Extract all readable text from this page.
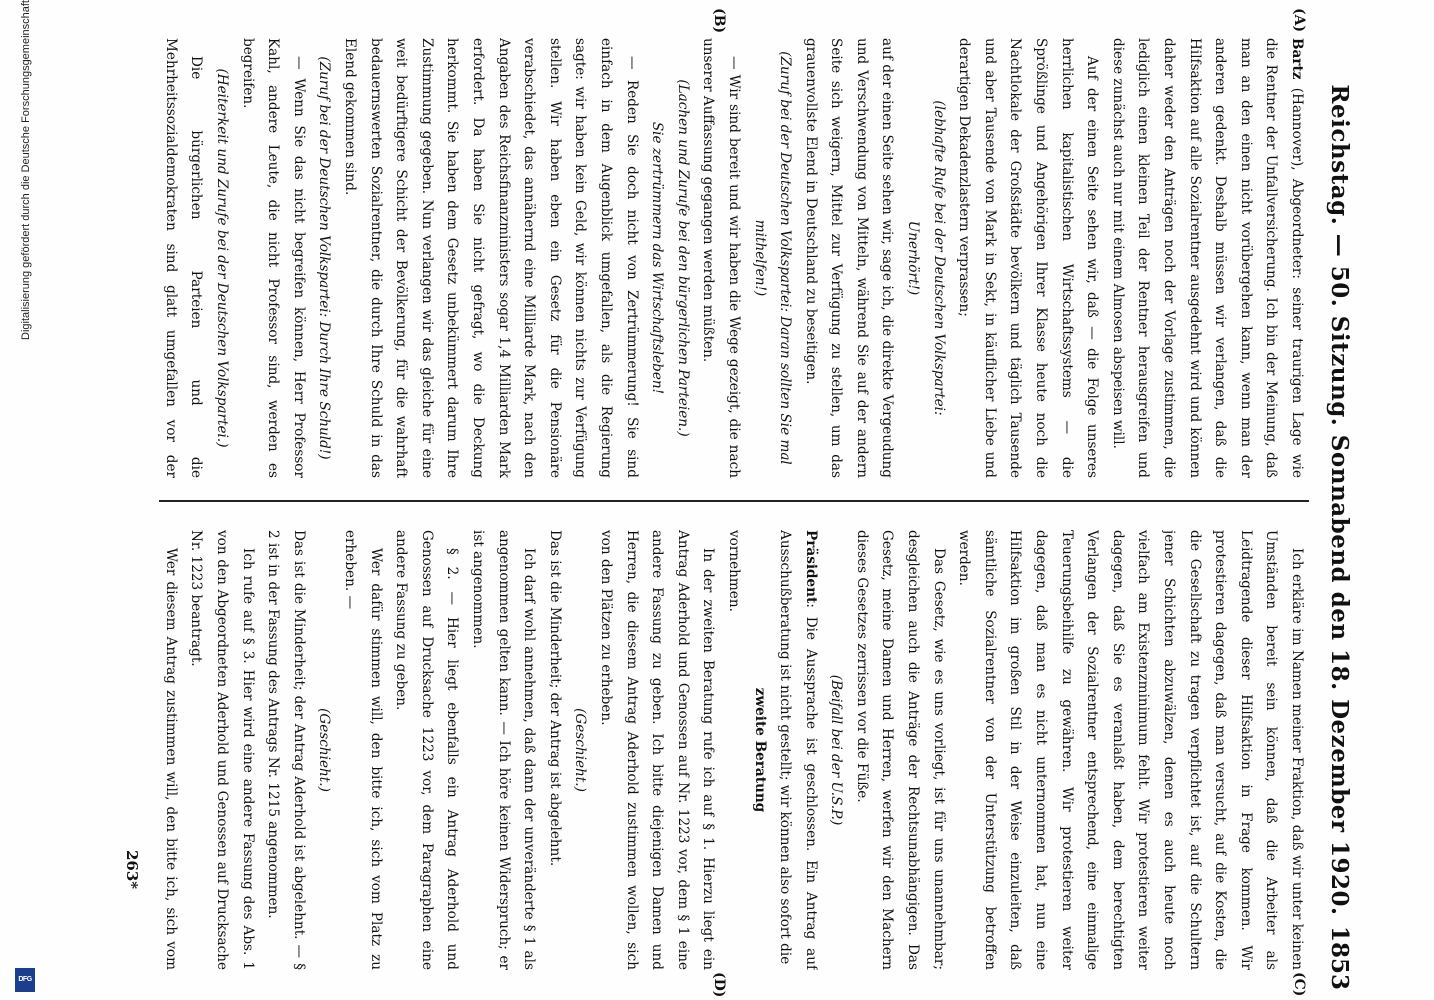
Reichstag. — 50. Sitzung. Sonnabend den 18. Dezember 1920.
1853
(A)
(B)
(C)
(D)

Bartz (Hannover), Abgeordneter: seiner traurigen Lage wie die Rentner der Unfallversicherung. Ich bin der Meinung, daß man an den einen nicht vorübergehen kann, wenn man der anderen gedenkt. Deshalb müssen wir verlangen, daß die Hilfsaktion auf alle Sozialrentner ausgedehnt wird und können daher weder den Anträgen noch der Vorlage zustimmen, die lediglich einen kleinen Teil der Rentner herausgreifen und diese zunächst auch nur mit einem Almosen abspeisen will.

Auf der einen Seite sehen wir, daß — die Folge unseres herrlichen kapitalistischen Wirtschaftssystems — die Sprößlinge und Angehörigen Ihrer Klasse heute noch die Nachtlokale der Großstädte bevölkern und täglich Tausende und aber Tausende von Mark in Sekt, in käuflicher Liebe und derartigen Dekadenzlastern verprassen;

(lebhafte Rufe bei der Deutschen Volkspartei:

Unerhört!)

auf der einen Seite sehen wir, sage ich, die direkte Vergeudung und Verschwendung von Mitteln, während Sie auf der andern Seite sich weigern, Mittel zur Verfügung zu stellen, um das grauenvollste Elend in Deutschland zu beseitigen.

(Zuruf bei der Deutschen Volkspartei: Daran sollten Sie mal mithelfen!)

— Wir sind bereit und wir haben die Wege gezeigt, die nach unserer Auffassung gegangen werden müßten.

(Lachen und Zurufe bei den bürgerlichen Parteien.)

Sie zertrümmern das Wirtschaftsleben!

— Reden Sie doch nicht von Zertrümmerung! Sie sind einfach in dem Augenblick umgefallen, als die Regierung sagte: wir haben kein Geld, wir können nichts zur Verfügung stellen. Wir haben eben ein Gesetz für die Pensionäre verabschiedet, das annähernd eine Milliarde Mark, nach den Angaben des Reichsfinanzministers sogar 1,4 Milliarden Mark erfordert. Da haben Sie nicht gefragt, wo die Deckung herkommt. Sie haben dem Gesetz unbekümmert darum Ihre Zustimmung gegeben. Nun verlangen wir das gleiche für eine weit bedürftigere Schicht der Bevölkerung, für die wahrhaft bedauernswerten Sozialrentner, die durch Ihre Schuld in das Elend gekommen sind.

(Zuruf bei der Deutschen Volkspartei: Durch Ihre Schuld!)

— Wenn Sie das nicht begreifen können, Herr Professor Kahl, andere Leute, die nicht Professor sind, werden es begreifen.

(Heiterkeit und Zurufe bei der Deutschen Volkspartei.)

Die bürgerlichen Parteien und die Mehrheitssozialdemokraten sind glatt umgefallen vor der

Ich erkläre im Namen meiner Fraktion, daß wir unter keinen Umständen bereit sein können, daß die Arbeiter als Leidtragende dieser Hilfsaktion in Frage kommen. Wir protestieren dagegen, daß man versucht, auf die Kosten, die die Gesellschaft zu tragen verpflichtet ist, auf die Schultern jener Schichten abzuwälzen, denen es auch heute noch vielfach am Existenzminimum fehlt. Wir protestieren weiter dagegen, daß Sie es veranlaßt haben, dem berechtigten Verlangen der Sozialrentner entsprechend, eine einmalige Teuerungsbeihilfe zu gewähren. Wir protestieren weiter dagegen, daß man es nicht unternommen hat, nun eine Hilfsaktion im großen Stil in der Weise einzuleiten, daß sämtliche Sozialrentner von der Unterstützung betroffen werden.

Das Gesetz, wie es uns vorliegt, ist für uns unannehmbar; desgleichen auch die Anträge der Rechtsunabhängigen. Das Gesetz, meine Damen und Herren, werfen wir den Machern dieses Gesetzes zerrissen vor die Füße.

(Beifall bei der U.S.P.)

Präsident: Die Aussprache ist geschlossen. Ein Antrag auf Ausschußberatung ist nicht gestellt; wir können also sofort die

zweite Beratung

vornehmen.

In der zweiten Beratung rufe ich auf § 1. Hierzu liegt ein Antrag Aderhold und Genossen auf Nr. 1223 vor, dem § 1 eine andere Fassung zu geben. Ich bitte diejenigen Damen und Herren, die diesem Antrag Aderhold zustimmen wollen, sich von den Plätzen zu erheben.

(Geschieht.)

Das ist die Minderheit; der Antrag ist abgelehnt.

Ich darf wohl annehmen, daß dann der unveränderte § 1 als angenommen gelten kann. — Ich höre keinen Widerspruch; er ist angenommen.

§ 2. — Hier liegt ebenfalls ein Antrag Aderhold und Genossen auf Drucksache 1223 vor, dem Paragraphen eine andere Fassung zu geben.

Wer dafür stimmen will, den bitte ich, sich vom Platz zu erheben. —

(Geschieht.)

Das ist die Minderheit; der Antrag Aderhold ist abgelehnt. — § 2 ist in der Fassung des Antrags Nr. 1215 angenommen.

Ich rufe auf § 3. Hier wird eine andere Fassung des Abs. 1 von den Abgeordneten Aderhold und Genossen auf Drucksache Nr. 1223 beantragt.

Wer diesem Antrag zustimmen will, den bitte ich, sich vom

263*
Digitalisierung gefördert durch die Deutsche Forschungsgemeinschaft
DFG
